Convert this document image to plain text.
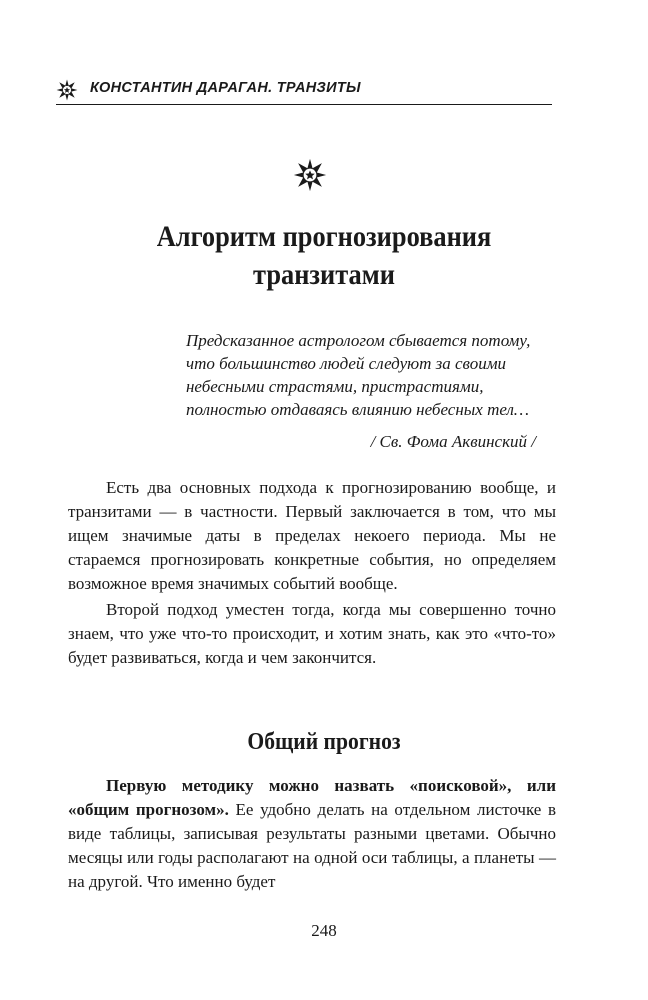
КОНСТАНТИН ДАРАГАН. ТРАНЗИТЫ
Алгоритм прогнозирования
транзитами
Предсказанное астрологом сбывается потому,
что большинство людей следуют за своими
небесными страстями, пристрастиями,
полностью отдаваясь влиянию небесных тел…
/ Св. Фома Аквинский /

Есть два основных подхода к прогнозированию вообще, и транзитами — в частности. Первый заключается в том, что мы ищем значимые даты в пределах некоего периода. Мы не стараемся прогнозировать конкретные события, но определяем возможное время значимых событий вообще.

Второй подход уместен тогда, когда мы совершенно точно знаем, что уже что-то происходит, и хотим знать, как это «что-то» будет развиваться, когда и чем закончится.

Общий прогноз

Первую методику можно назвать «поисковой», или «общим прогнозом». Ее удобно делать на отдельном листочке в виде таблицы, записывая результаты разными цветами. Обычно месяцы или годы располагают на одной оси таблицы, а планеты — на другой. Что именно будет

248
